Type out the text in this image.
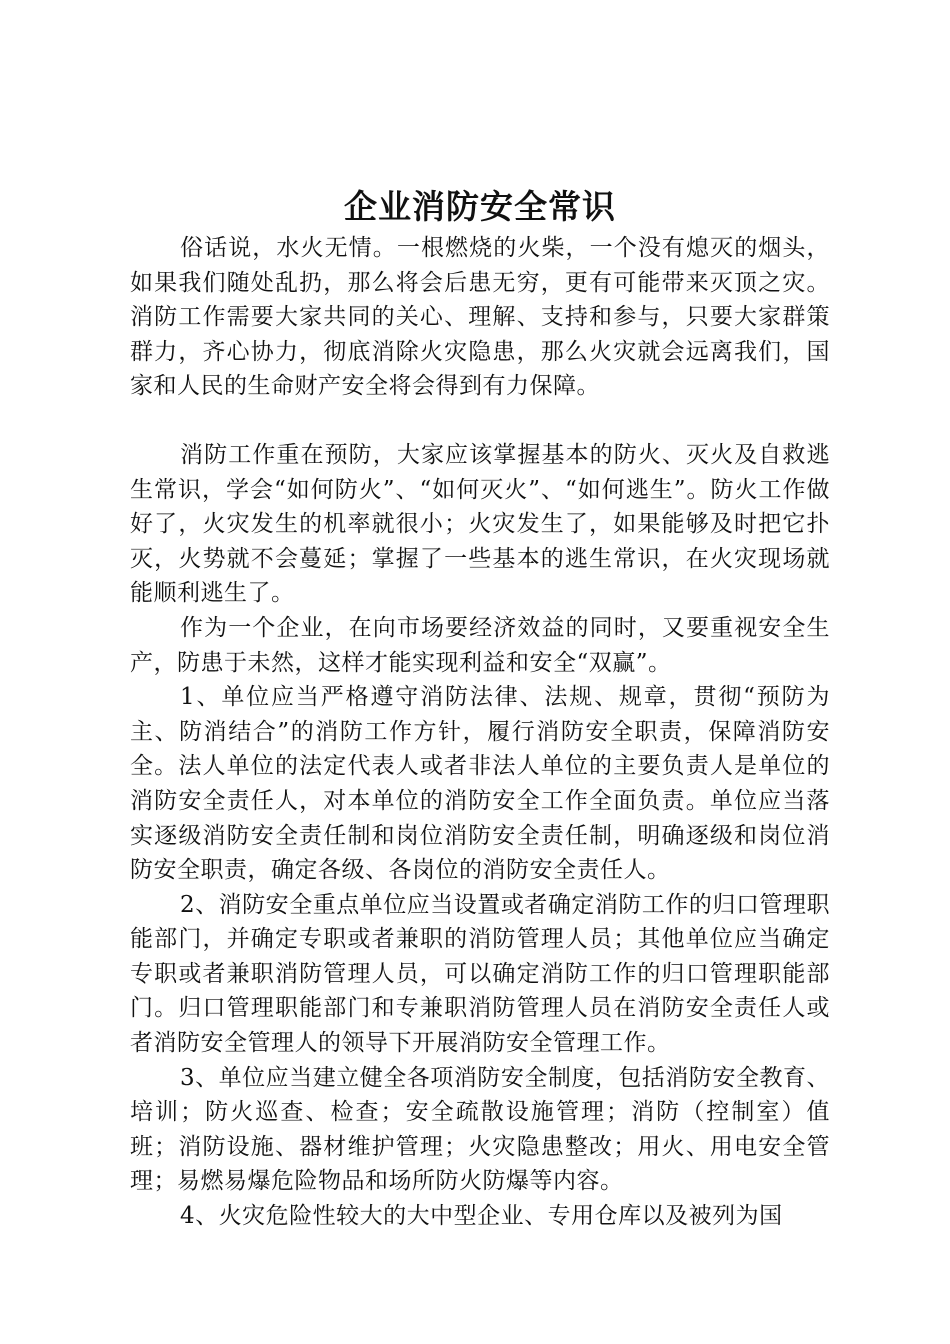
企业消防安全常识

俗话说，水火无情。一根燃烧的火柴，一个没有熄灭的烟头，如果我们随处乱扔，那么将会后患无穷，更有可能带来灭顶之灾。消防工作需要大家共同的关心、理解、支持和参与，只要大家群策群力，齐心协力，彻底消除火灾隐患，那么火灾就会远离我们，国家和人民的生命财产安全将会得到有力保障。

消防工作重在预防，大家应该掌握基本的防火、灭火及自救逃生常识，学会“如何防火”、“如何灭火”、“如何逃生”。防火工作做好了，火灾发生的机率就很小；火灾发生了，如果能够及时把它扑灭，火势就不会蔓延；掌握了一些基本的逃生常识，在火灾现场就能顺利逃生了。

作为一个企业，在向市场要经济效益的同时，又要重视安全生产，防患于未然，这样才能实现利益和安全“双赢”。

1、单位应当严格遵守消防法律、法规、规章，贯彻“预防为主、防消结合”的消防工作方针，履行消防安全职责，保障消防安全。法人单位的法定代表人或者非法人单位的主要负责人是单位的消防安全责任人，对本单位的消防安全工作全面负责。单位应当落实逐级消防安全责任制和岗位消防安全责任制，明确逐级和岗位消防安全职责，确定各级、各岗位的消防安全责任人。

2、消防安全重点单位应当设置或者确定消防工作的归口管理职能部门，并确定专职或者兼职的消防管理人员；其他单位应当确定专职或者兼职消防管理人员，可以确定消防工作的归口管理职能部门。归口管理职能部门和专兼职消防管理人员在消防安全责任人或者消防安全管理人的领导下开展消防安全管理工作。

3、单位应当建立健全各项消防安全制度，包括消防安全教育、培训；防火巡查、检查；安全疏散设施管理；消防（控制室）值班；消防设施、器材维护管理；火灾隐患整改；用火、用电安全管理；易燃易爆危险物品和场所防火防爆等内容。

4、火灾危险性较大的大中型企业、专用仓库以及被列为国
